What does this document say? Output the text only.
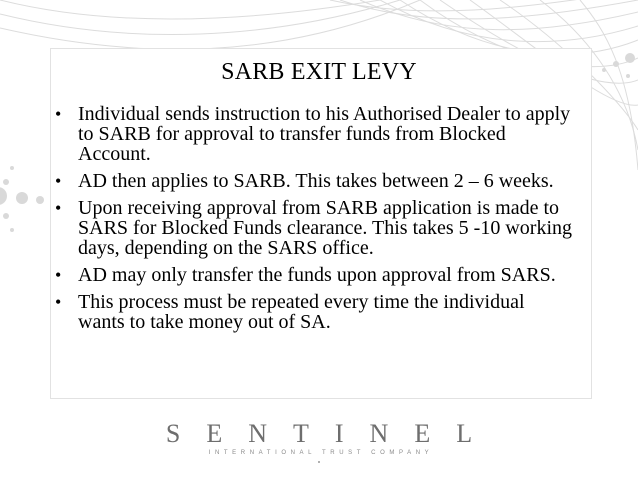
SARB EXIT LEVY
• Individual sends instruction to his Authorised Dealer to apply to SARB for approval to transfer funds from Blocked Account.
• AD then applies to SARB. This takes between 2 – 6 weeks.
• Upon receiving approval from SARB application is made to SARS for Blocked Funds clearance. This takes 5 -10 working days, depending on the SARS office.
• AD may only transfer the funds upon approval from SARS.
• This process must be repeated every time the individual wants to take money out of SA.
SENTINEL
INTERNATIONAL TRUST COMPANY
